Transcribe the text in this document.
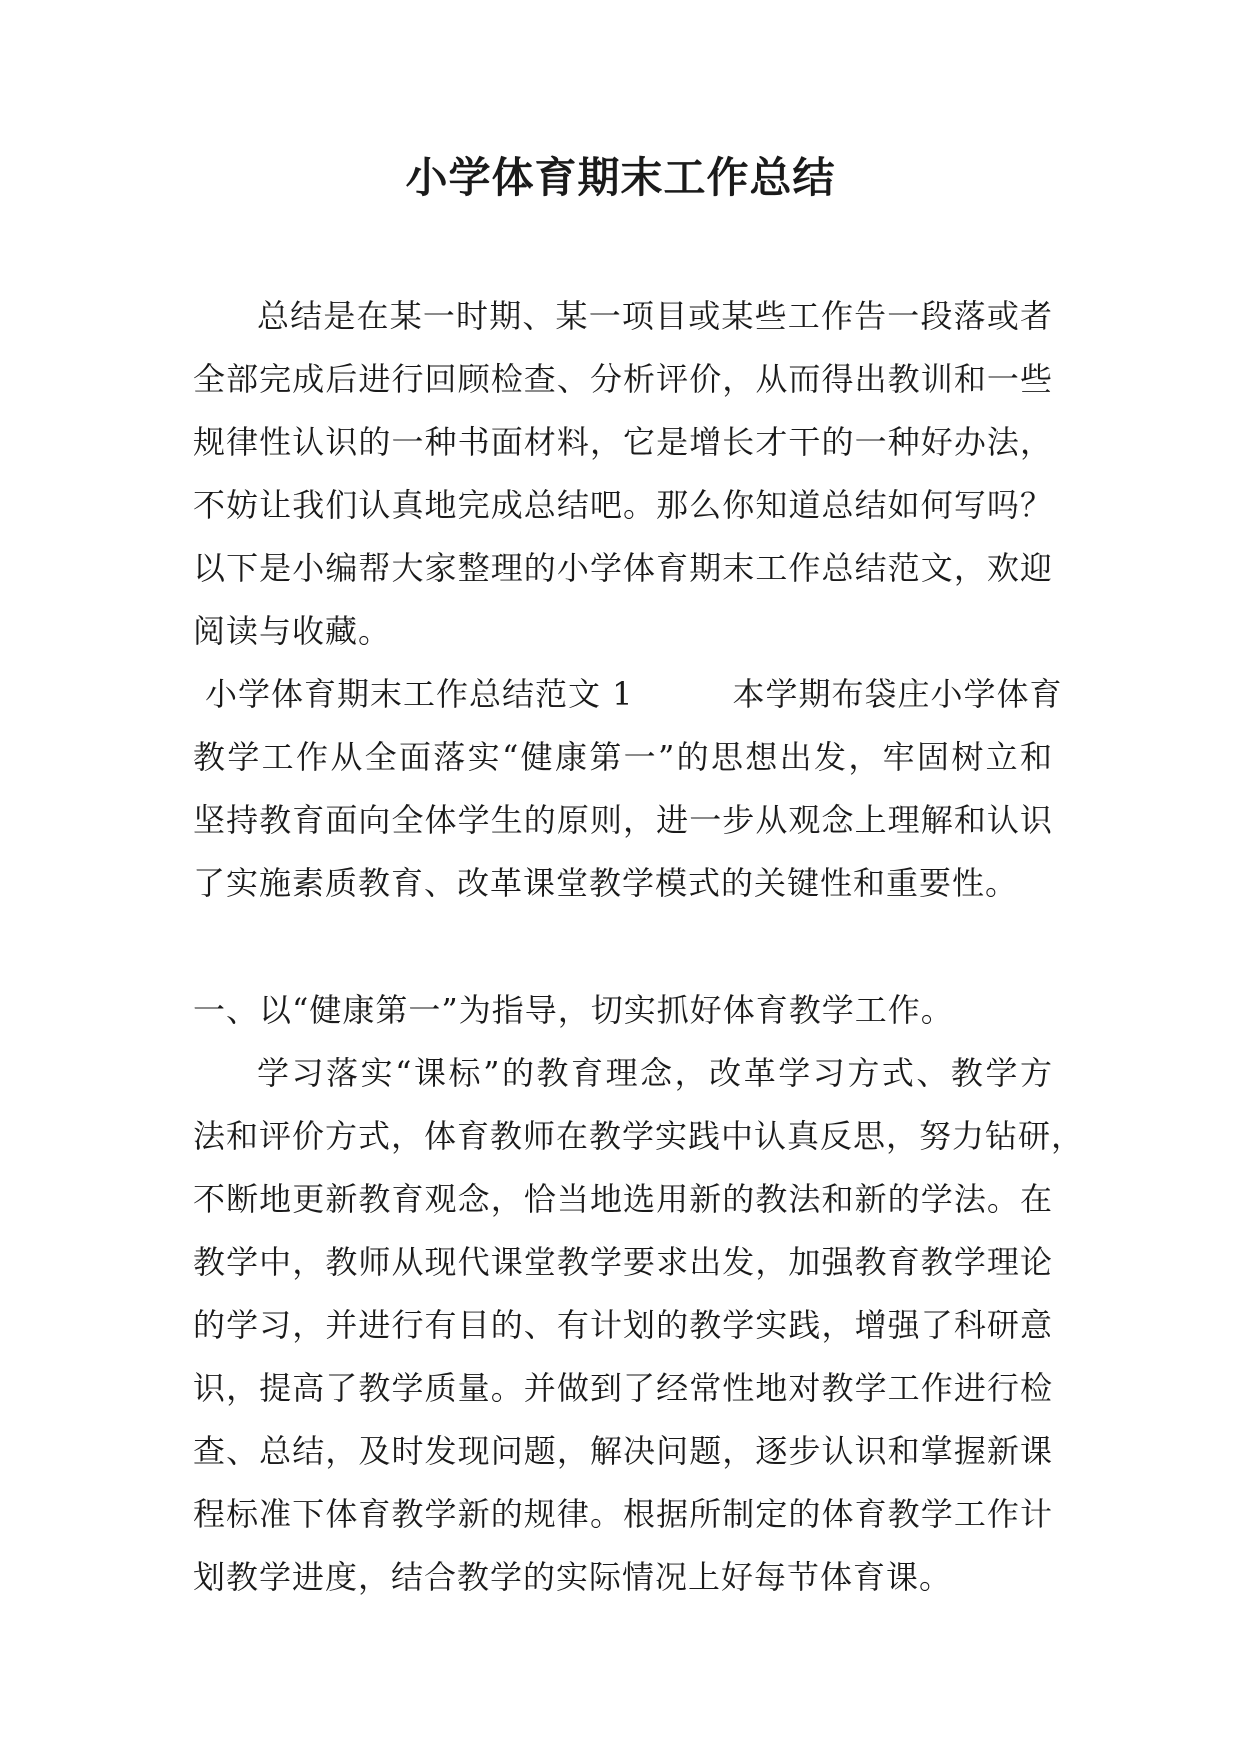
小学体育期末工作总结

总结是在某一时期、某一项目或某些工作告一段落或者

全部完成后进行回顾检查、分析评价，从而得出教训和一些

规律性认识的一种书面材料，它是增长才干的一种好办法，

不妨让我们认真地完成总结吧。那么你知道总结如何写吗？

以下是小编帮大家整理的小学体育期末工作总结范文，欢迎

阅读与收藏。

小学体育期末工作总结范文 1　　　本学期布袋庄小学体育

教学工作从全面落实“健康第一”的思想出发，牢固树立和

坚持教育面向全体学生的原则，进一步从观念上理解和认识

了实施素质教育、改革课堂教学模式的关键性和重要性。

一、以“健康第一”为指导，切实抓好体育教学工作。

学习落实“课标”的教育理念，改革学习方式、教学方

法和评价方式，体育教师在教学实践中认真反思，努力钻研，

不断地更新教育观念，恰当地选用新的教法和新的学法。在

教学中，教师从现代课堂教学要求出发，加强教育教学理论

的学习，并进行有目的、有计划的教学实践，增强了科研意

识，提高了教学质量。并做到了经常性地对教学工作进行检

查、总结，及时发现问题，解决问题，逐步认识和掌握新课

程标准下体育教学新的规律。根据所制定的体育教学工作计

划教学进度，结合教学的实际情况上好每节体育课。
